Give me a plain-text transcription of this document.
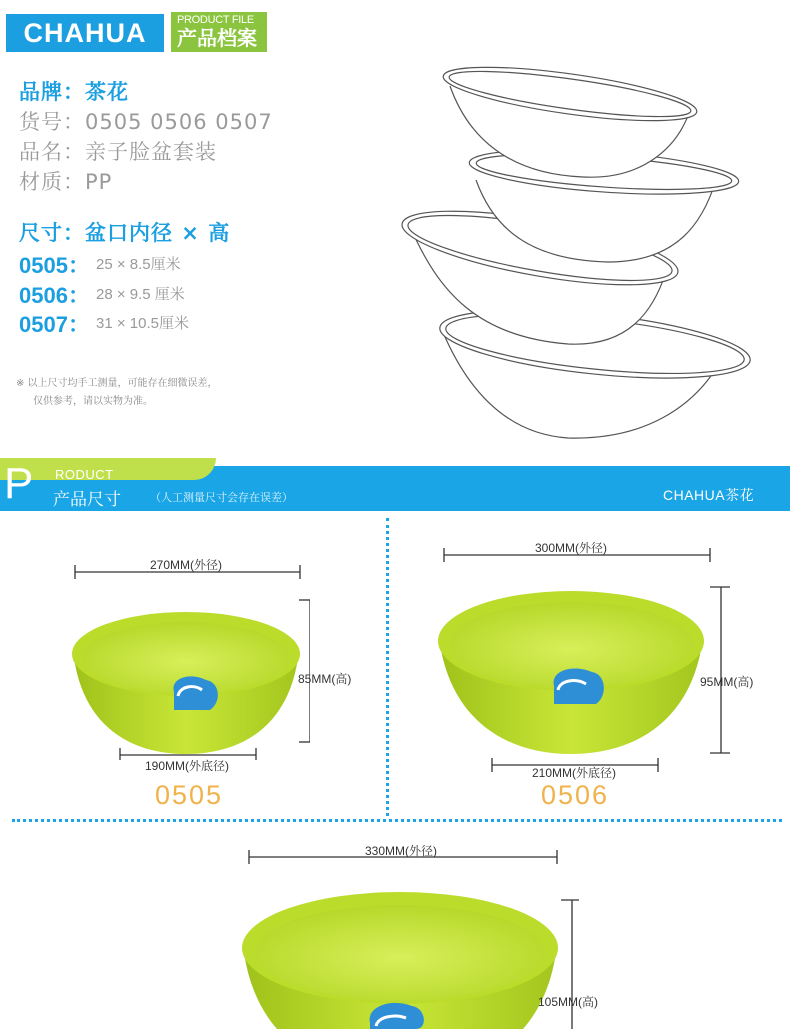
CHAHUA	PRODUCT FILE
产品档案
品牌：茶花
货号：0505 0506 0507
品名：亲子脸盆套装
材质：PP
尺寸：盆口内径 × 高
0505： 25 × 8.5厘米
0506： 28 × 9.5 厘米
0507： 31 × 10.5厘米
※ 以上尺寸均手工测量，可能存在细微误差，
仅供参考，请以实物为准。
P RODUCT
产品尺寸	（人工测量尺寸会存在误差）	CHAHUA茶花
270MM(外径)
85MM(高)
190MM(外底径)
0505
300MM(外径)
95MM(高)
210MM(外底径)
0506
330MM(外径)
105MM(高)
